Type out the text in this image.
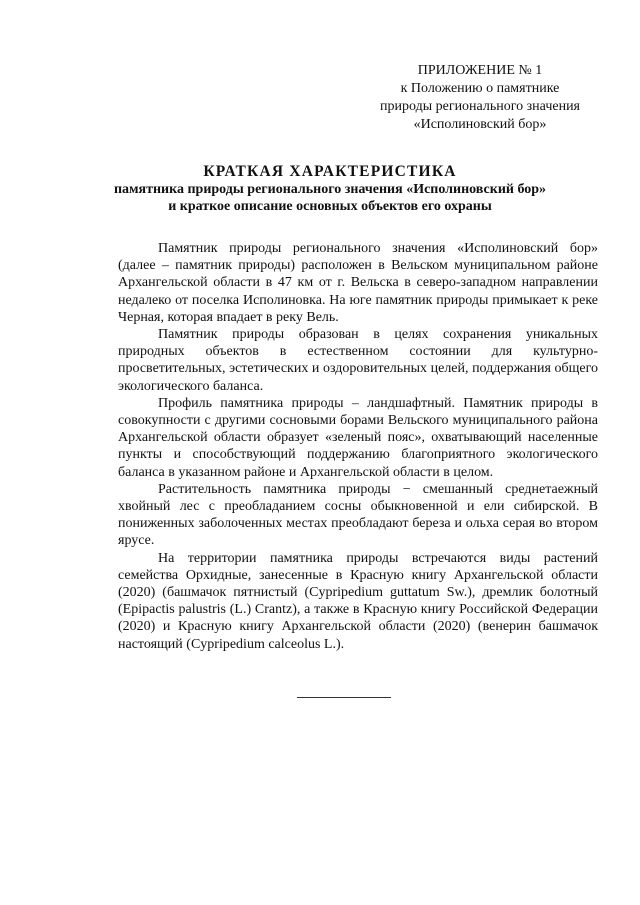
ПРИЛОЖЕНИЕ № 1
к Положению о памятнике
природы регионального значения
«Исполиновский бор»
КРАТКАЯ ХАРАКТЕРИСТИКА
памятника природы регионального значения «Исполиновский бор»
и краткое описание основных объектов его охраны

Памятник природы регионального значения «Исполиновский бор» (далее – памятник природы) расположен в Вельском муниципальном районе Архангельской области в 47 км от г. Вельска в северо-западном направлении недалеко от поселка Исполиновка. На юге памятник природы примыкает к реке Черная, которая впадает в реку Вель.

Памятник природы образован в целях сохранения уникальных природных объектов в естественном состоянии для культурно-просветительных, эстетических и оздоровительных целей, поддержания общего экологического баланса.

Профиль памятника природы – ландшафтный. Памятник природы в совокупности с другими сосновыми борами Вельского муниципального района Архангельской области образует «зеленый пояс», охватывающий населенные пункты и способствующий поддержанию благоприятного экологического баланса в указанном районе и Архангельской области в целом.

Растительность памятника природы − смешанный среднетаежный хвойный лес с преобладанием сосны обыкновенной и ели сибирской. В пониженных заболоченных местах преобладают береза и ольха серая во втором ярусе.

На территории памятника природы встречаются виды растений семейства Орхидные, занесенные в Красную книгу Архангельской области (2020) (башмачок пятнистый (Cypripedium guttatum Sw.), дремлик болотный (Epipactis palustris (L.) Crantz), а также в Красную книгу Российской Федерации (2020) и Красную книгу Архангельской области (2020) (венерин башмачок настоящий (Cypripedium calceolus L.).
